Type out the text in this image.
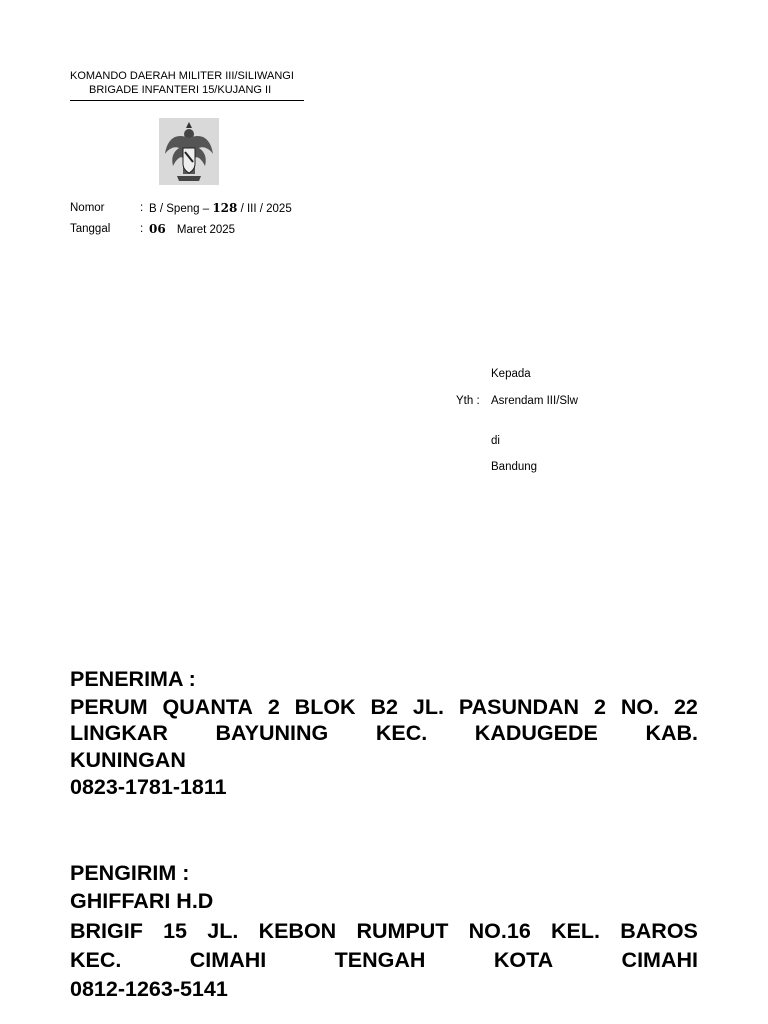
KOMANDO DAERAH MILITER III/SILIWANGI
BRIGADE INFANTERI 15/KUJANG II
Nomor	: B / Speng – 128 / III / 2025
Tanggal	: 06 Maret 2025
Kepada
Yth : Asrendam III/Slw
di
Bandung
PENERIMA :
PERUM QUANTA 2 BLOK B2 JL. PASUNDAN 2 NO. 22
LINGKAR BAYUNING KEC. KADUGEDE KAB.
KUNINGAN
0823-1781-1811
PENGIRIM :
GHIFFARI H.D
BRIGIF 15 JL. KEBON RUMPUT NO.16 KEL. BAROS
KEC.	CIMAHI	TENGAH	KOTA	CIMAHI
0812-1263-5141
